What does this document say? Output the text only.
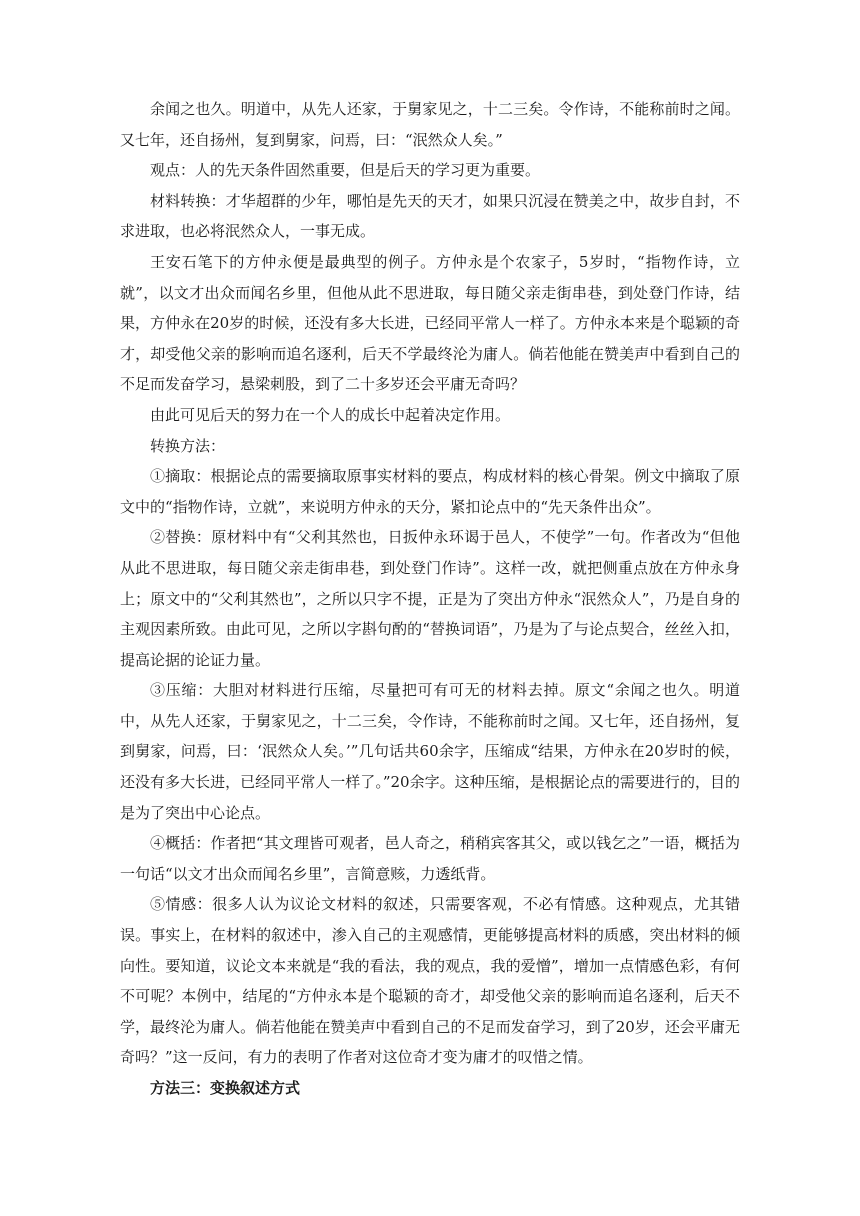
余闻之也久。明道中，从先人还家，于舅家见之，十二三矣。令作诗，不能称前时之闻。又七年，还自扬州，复到舅家，问焉，曰：“泯然众人矣。”

观点：人的先天条件固然重要，但是后天的学习更为重要。

材料转换：才华超群的少年，哪怕是先天的天才，如果只沉浸在赞美之中，故步自封，不求进取，也必将泯然众人，一事无成。

王安石笔下的方仲永便是最典型的例子。方仲永是个农家子，5岁时，“指物作诗，立就”，以文才出众而闻名乡里，但他从此不思进取，每日随父亲走街串巷，到处登门作诗，结果，方仲永在20岁的时候，还没有多大长进，已经同平常人一样了。方仲永本来是个聪颖的奇才，却受他父亲的影响而追名逐利，后天不学最终沦为庸人。倘若他能在赞美声中看到自己的不足而发奋学习，悬梁刺股，到了二十多岁还会平庸无奇吗？

由此可见后天的努力在一个人的成长中起着决定作用。

转换方法：

①摘取：根据论点的需要摘取原事实材料的要点，构成材料的核心骨架。例文中摘取了原文中的“指物作诗，立就”，来说明方仲永的天分，紧扣论点中的“先天条件出众”。

②替换：原材料中有“父利其然也，日扳仲永环谒于邑人，不使学”一句。作者改为“但他从此不思进取，每日随父亲走街串巷，到处登门作诗”。这样一改，就把侧重点放在方仲永身上；原文中的“父利其然也”，之所以只字不提，正是为了突出方仲永“泯然众人”，乃是自身的主观因素所致。由此可见，之所以字斟句酌的“替换词语”，乃是为了与论点契合，丝丝入扣，提高论据的论证力量。

③压缩：大胆对材料进行压缩，尽量把可有可无的材料去掉。原文“余闻之也久。明道中，从先人还家，于舅家见之，十二三矣，令作诗，不能称前时之闻。又七年，还自扬州，复到舅家，问焉，曰：‘泯然众人矣。’”几句话共60余字，压缩成“结果，方仲永在20岁时的候，还没有多大长进，已经同平常人一样了。”20余字。这种压缩，是根据论点的需要进行的，目的是为了突出中心论点。

④概括：作者把“其文理皆可观者，邑人奇之，稍稍宾客其父，或以钱乞之”一语，概括为一句话“以文才出众而闻名乡里”，言简意赅，力透纸背。

⑤情感：很多人认为议论文材料的叙述，只需要客观，不必有情感。这种观点，尤其错误。事实上，在材料的叙述中，渗入自己的主观感情，更能够提高材料的质感，突出材料的倾向性。要知道，议论文本来就是“我的看法，我的观点，我的爱憎”，增加一点情感色彩，有何不可呢？本例中，结尾的“方仲永本是个聪颖的奇才，却受他父亲的影响而追名逐利，后天不学，最终沦为庸人。倘若他能在赞美声中看到自己的不足而发奋学习，到了20岁，还会平庸无奇吗？”这一反问，有力的表明了作者对这位奇才变为庸才的叹惜之情。

方法三：变换叙述方式
